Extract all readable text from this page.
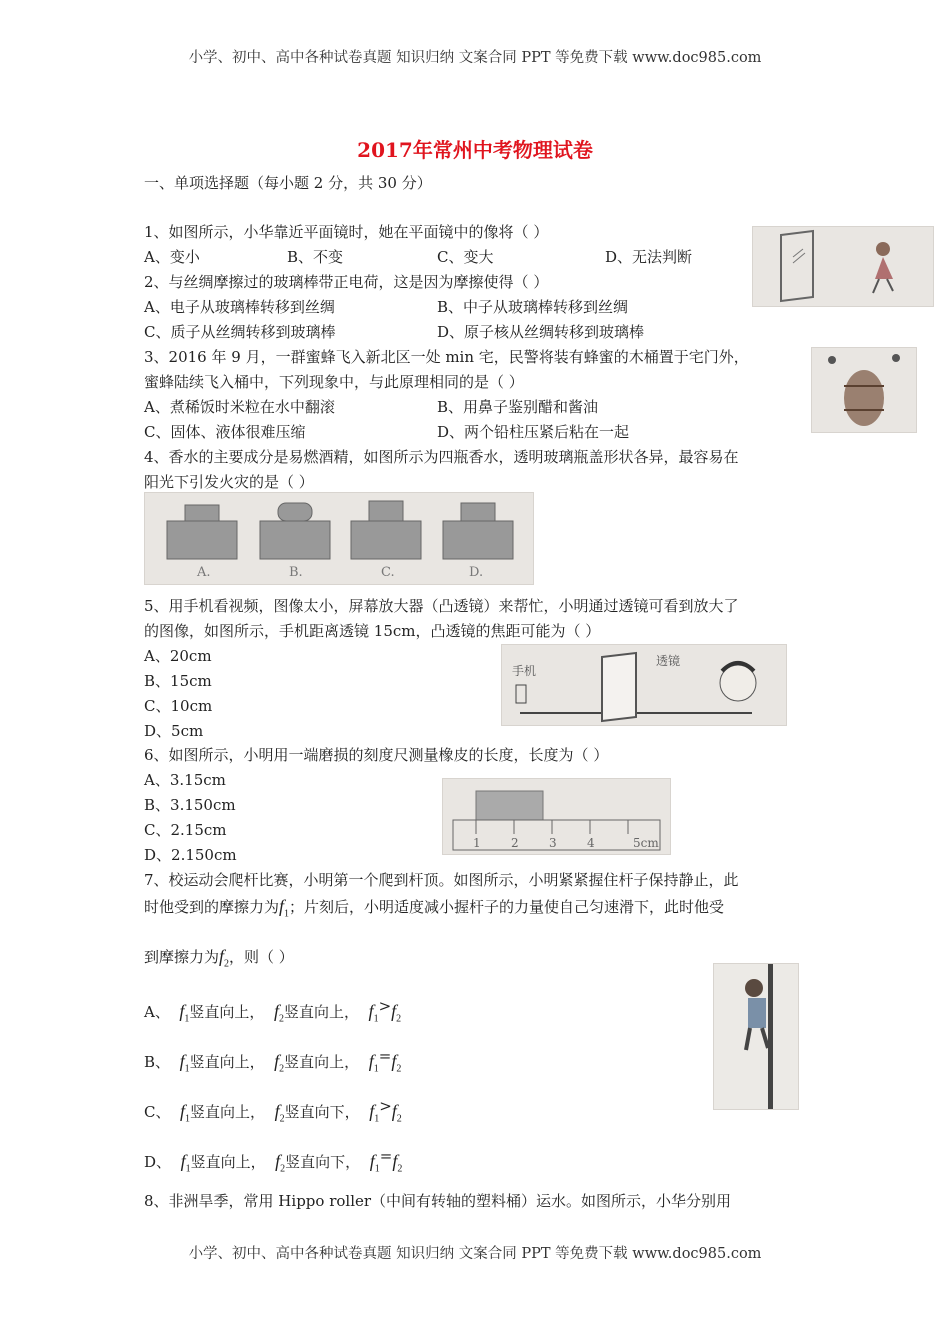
小学、初中、高中各种试卷真题 知识归纳 文案合同 PPT 等免费下载 www.doc985.com
2017年常州中考物理试卷
一、单项选择题（每小题 2 分，共 30 分）
1、如图所示，小华靠近平面镜时，她在平面镜中的像将（ ）
A、变小	B、不变	C、变大	D、无法判断
2、与丝绸摩擦过的玻璃棒带正电荷，这是因为摩擦使得（ ）
A、电子从玻璃棒转移到丝绸	B、中子从玻璃棒转移到丝绸
C、质子从丝绸转移到玻璃棒	D、原子核从丝绸转移到玻璃棒
3、2016 年 9 月，一群蜜蜂飞入新北区一处 min 宅，民警将装有蜂蜜的木桶置于宅门外，
蜜蜂陆续飞入桶中，下列现象中，与此原理相同的是（ ）
A、煮稀饭时米粒在水中翻滚	B、用鼻子鉴别醋和酱油
C、固体、液体很难压缩	D、两个铅柱压紧后粘在一起
4、香水的主要成分是易燃酒精，如图所示为四瓶香水，透明玻璃瓶盖形状各异，最容易在
阳光下引发火灾的是（ ）
A.	B.	C.	D.
5、用手机看视频，图像太小，屏幕放大器（凸透镜）来帮忙，小明通过透镜可看到放大了
的图像，如图所示，手机距离透镜 15cm，凸透镜的焦距可能为（ ）
A、20cm
B、15cm
C、10cm
D、5cm
手机
透镜
6、如图所示，小明用一端磨损的刻度尺测量橡皮的长度，长度为（ ）
A、3.15cm
B、3.150cm
C、2.15cm
D、2.150cm
1	2	3	4	5cm
7、校运动会爬杆比赛，小明第一个爬到杆顶。如图所示，小明紧紧握住杆子保持静止，此
时他受到的摩擦力为$f_1$；片刻后，小明适度减小握杆子的力量使自己匀速滑下，此时他受
到摩擦力为$f_2$，则（ ）
A、 $f_1$竖直向上， $f_2$竖直向上， $f_1>f_2$
B、 $f_1$竖直向上， $f_2$竖直向上， $f_1=f_2$
C、 $f_1$竖直向上， $f_2$竖直向下， $f_1>f_2$
D、 $f_1$竖直向上， $f_2$竖直向下， $f_1=f_2$
8、非洲旱季，常用 Hippo roller（中间有转轴的塑料桶）运水。如图所示，小华分别用
小学、初中、高中各种试卷真题 知识归纳 文案合同 PPT 等免费下载 www.doc985.com
